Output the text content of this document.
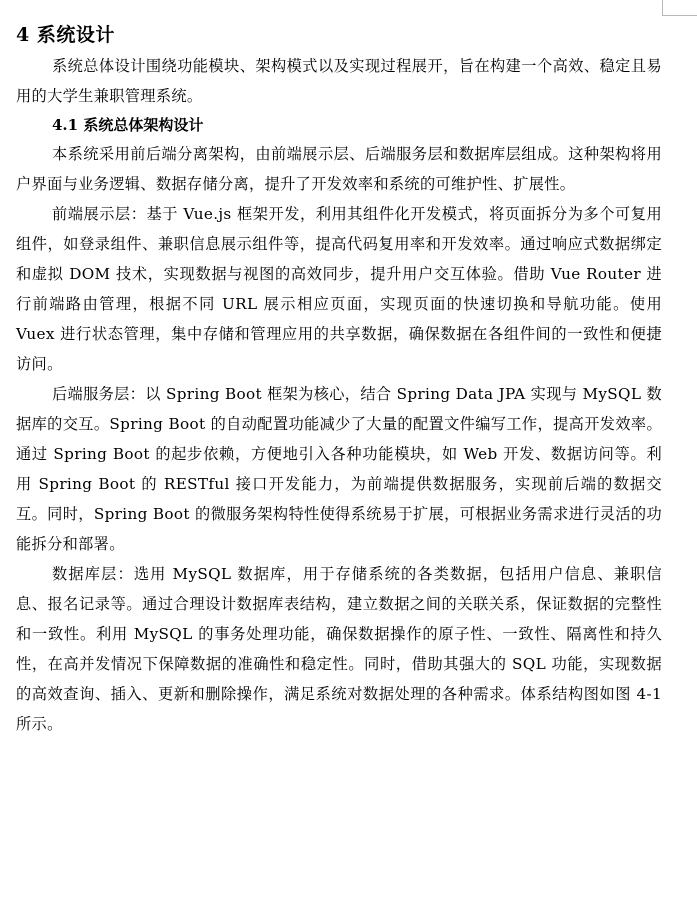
4 系统设计

系统总体设计围绕功能模块、架构模式以及实现过程展开，旨在构建一个高效、稳定且易用的大学生兼职管理系统。

4.1 系统总体架构设计

本系统采用前后端分离架构，由前端展示层、后端服务层和数据库层组成。这种架构将用户界面与业务逻辑、数据存储分离，提升了开发效率和系统的可维护性、扩展性。

前端展示层：基于 Vue.js 框架开发，利用其组件化开发模式，将页面拆分为多个可复用组件，如登录组件、兼职信息展示组件等，提高代码复用率和开发效率。通过响应式数据绑定和虚拟 DOM 技术，实现数据与视图的高效同步，提升用户交互体验。借助 Vue Router 进行前端路由管理，根据不同 URL 展示相应页面，实现页面的快速切换和导航功能。使用 Vuex 进行状态管理，集中存储和管理应用的共享数据，确保数据在各组件间的一致性和便捷访问。

后端服务层：以 Spring Boot 框架为核心，结合 Spring Data JPA 实现与 MySQL 数据库的交互。Spring Boot 的自动配置功能减少了大量的配置文件编写工作，提高开发效率。通过 Spring Boot 的起步依赖，方便地引入各种功能模块，如 Web 开发、数据访问等。利用 Spring Boot 的 RESTful 接口开发能力，为前端提供数据服务，实现前后端的数据交互。同时，Spring Boot 的微服务架构特性使得系统易于扩展，可根据业务需求进行灵活的功能拆分和部署。

数据库层：选用 MySQL 数据库，用于存储系统的各类数据，包括用户信息、兼职信息、报名记录等。通过合理设计数据库表结构，建立数据之间的关联关系，保证数据的完整性和一致性。利用 MySQL 的事务处理功能，确保数据操作的原子性、一致性、隔离性和持久性，在高并发情况下保障数据的准确性和稳定性。同时，借助其强大的 SQL 功能，实现数据的高效查询、插入、更新和删除操作，满足系统对数据处理的各种需求。体系结构图如图 4-1 所示。
